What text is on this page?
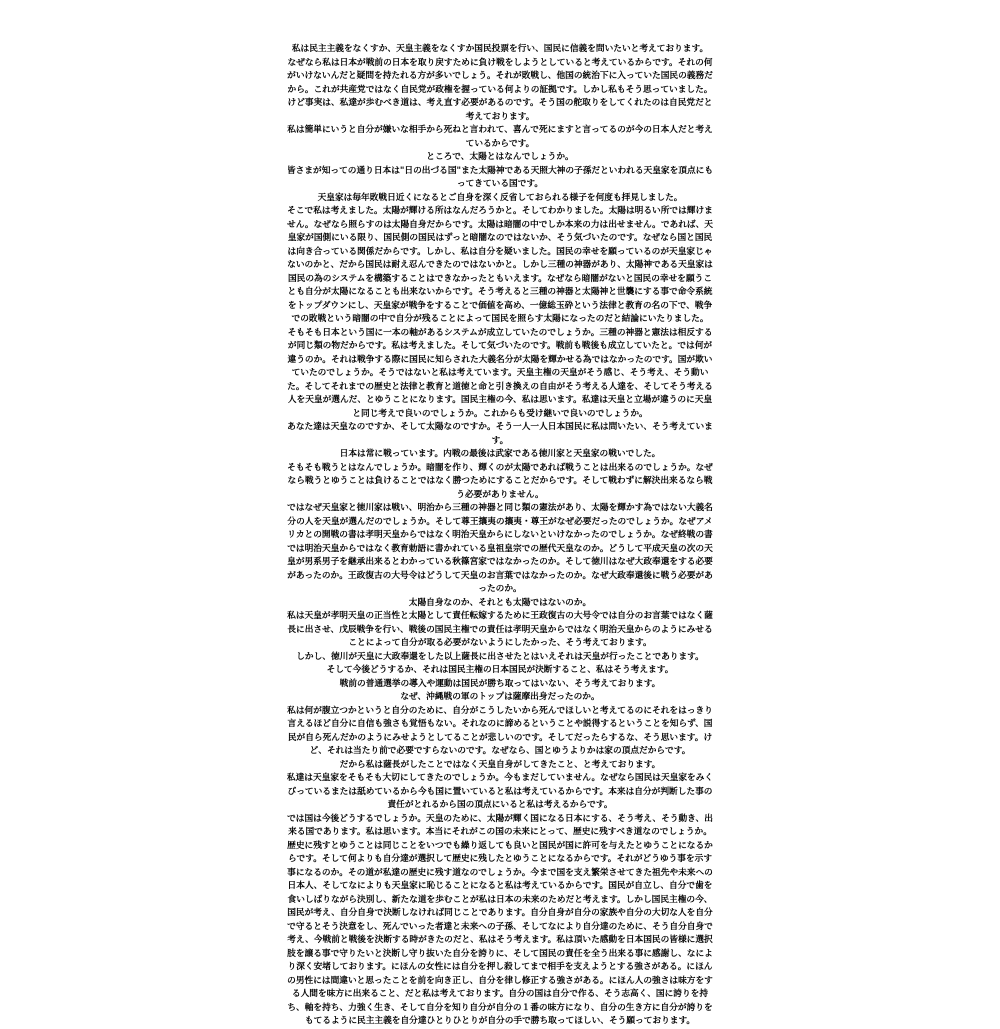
私は民主主義をなくすか、天皇主義をなくすか国民投票を行い、国民に信義を問いたいと考えております。

なぜなら私は日本が戦前の日本を取り戻すために負け戦をしようとしていると考えているからです。それの何がいけないんだと疑問を持たれる方が多いでしょう。それが敗戦し、他国の統治下に入っていた国民の義務だから。これが共産党ではなく自民党が政権を握っている何よりの証拠です。しかし私もそう思っていました。けど事実は、私達が歩むべき道は、考え直す必要があるのです。そう国の舵取りをしてくれたのは自民党だと考えております。

私は簡単にいうと自分が嫌いな相手から死ねと言われて、喜んで死にますと言ってるのが今の日本人だと考えているからです。

ところで、太陽とはなんでしょうか。

皆さまが知っての通り日本は"日の出づる国"また太陽神である天照大神の子孫だといわれる天皇家を頂点にもってきている国です。

天皇家は毎年敗戦日近くになるとご自身を深く反省しておられる様子を何度も拝見しました。

そこで私は考えました。太陽が輝ける所はなんだろうかと。そしてわかりました。太陽は明るい所では輝けません。なぜなら照らすのは太陽自身だからです。太陽は暗闇の中でしか本来の力は出せません。であれば、天皇家が国側にいる限り、国民側の国民はずっと暗闇なのではないか、そう気づいたのです。なぜなら国と国民は向き合っている関係だからです。しかし、私は自分を疑いました。国民の幸せを願っているのが天皇家じゃないのかと、だから国民は耐え忍んできたのではないかと。しかし三種の神器があり、太陽神である天皇家は国民の為のシステムを構築することはできなかったともいえます。なぜなら暗闇がないと国民の幸せを願うことも自分が太陽になることも出来ないからです。そう考えると三種の神器と太陽神と世襲にする事で命令系統をトップダウンにし、天皇家が戦争をすることで価値を高め、一億総玉砕という法律と教育の名の下で、戦争での敗戦という暗闇の中で自分が残ることによって国民を照らす太陽になったのだと結論にいたりました。

そもそも日本という国に一本の軸があるシステムが成立していたのでしょうか。三種の神器と憲法は相反するが同じ類の物だからです。私は考えました。そして気づいたのです。戦前も戦後も成立していたと。では何が違うのか。それは戦争する際に国民に知らされた大義名分が太陽を輝かせる為ではなかったのです。国が欺いていたのでしょうか。そうではないと私は考えています。天皇主権の天皇がそう感じ、そう考え、そう動いた。そしてそれまでの歴史と法律と教育と道徳と命と引き換えの自由がそう考える人達を、そしてそう考える人を天皇が選んだ、とゆうことになります。国民主権の今、私は思います。私達は天皇と立場が違うのに天皇と同じ考えで良いのでしょうか。これからも受け継いで良いのでしょうか。

あなた達は天皇なのですか、そして太陽なのですか。そう一人一人日本国民に私は問いたい、そう考えています。

日本は常に戦っています。内戦の最後は武家である徳川家と天皇家の戦いでした。

そもそも戦うとはなんでしょうか。暗闇を作り、輝くのが太陽であれば戦うことは出来るのでしょうか。なぜなら戦うとゆうことは負けることではなく勝つためにすることだからです。そして戦わずに解決出来るなら戦う必要がありません。

ではなぜ天皇家と徳川家は戦い、明治から三種の神器と同じ類の憲法があり、太陽を輝かす為ではない大義名分の人を天皇が選んだのでしょうか。そして尊王攘夷の攘夷・尊王がなぜ必要だったのでしょうか。なぜアメリカとの開戦の書は孝明天皇からではなく明治天皇からにしないといけなかったのでしょうか。なぜ終戦の書では明治天皇からではなく教育勅語に書かれている皇祖皇宗での歴代天皇なのか。どうして平成天皇の次の天皇が男系男子を継承出来るとわかっている秋篠宮家ではなかったのか。そして徳川はなぜ大政奉還をする必要があったのか。王政復古の大号令はどうして天皇のお言葉ではなかったのか。なぜ大政奉還後に戦う必要があったのか。

太陽自身なのか、それとも太陽ではないのか。

私は天皇が孝明天皇の正当性と太陽として責任転嫁するために王政復古の大号令では自分のお言葉ではなく薩長に出させ、戊辰戦争を行い、戦後の国民主権での責任は孝明天皇からではなく明治天皇からのようにみせることによって自分が取る必要がないようにしたかった、そう考えております。

しかし、徳川が天皇に大政奉還をした以上薩長に出させたとはいえそれは天皇が行ったことであります。

そして今後どうするか、それは国民主権の日本国民が決断すること、私はそう考えます。

戦前の普通選挙の導入や運動は国民が勝ち取ってはいない、そう考えております。

なぜ、沖縄戦の軍のトップは薩摩出身だったのか。

私は何が腹立つかというと自分のために、自分がこうしたいから死んでほしいと考えてるのにそれをはっきり言えるほど自分に自信も強さも覚悟もない。それなのに諦めるということや説得するということを知らず、国民が自ら死んだかのようにみせようとしてることが悲しいのです。そしてだったらするな、そう思います。けど、それは当たり前で必要ですらないのです。なぜなら、国とゆうよりかは家の頂点だからです。

だから私は薩長がしたことではなく天皇自身がしてきたこと、と考えております。

私達は天皇家をそもそも大切にしてきたのでしょうか。今もまだしていません。なぜなら国民は天皇家をみくびっているまたは舐めているから今も国に置いていると私は考えているからです。本来は自分が判断した事の責任がとれるから国の頂点にいると私は考えるからです。

では国は今後どうするでしょうか。天皇のために、太陽が輝く国になる日本にする、そう考え、そう動き、出来る国であります。私は思います。本当にそれがこの国の未来にとって、歴史に残すべき道なのでしょうか。歴史に残すとゆうことは同じことをいつでも繰り返しても良いと国民が国に許可を与えたとゆうことになるからです。そして何よりも自分達が選択して歴史に残したとゆうことになるからです。それがどうゆう事を示す事になるのか。その道が私達の歴史に残す道なのでしょうか。今まで国を支え繁栄させてきた祖先や未来への日本人、そしてなによりも天皇家に恥じることになると私は考えているからです。国民が自立し、自分で歯を食いしばりながら決別し、新たな道を歩むことが私は日本の未来のためだと考えます。しかし国民主権の今、国民が考え、自分自身で決断しなければ同じことであります。自分自身が自分の家族や自分の大切な人を自分で守るとそう決意をし、死んでいった者達と未来への子孫、そしてなにより自分達のために、そう自分自身で考え、今戦前と戦後を決断する時がきたのだと、私はそう考えます。私は頂いた感動を日本国民の皆様に選択肢を譲る事で守りたいと決断し守り抜いた自分を誇りに、そして国民の責任を全う出来る事に感謝し、なにより深く安堵しております。にほんの女性には自分を押し殺してまで相手を支えようとする強さがある。にほんの男性には間違いと思ったことを前を向き正し、自分を律し修正する強さがある。にほん人の強さは味方をする人間を味方に出来ること、だと私は考えております。自分の国は自分で作る、そう志高く、国に誇りを持ち、軸を持ち、力強く生き、そして自分を知り自分が自分の１番の味方になり、自分の生き方に自分が誇りをもてるように民主主義を自分達ひとりひとりが自分の手で勝ち取ってほしい、そう願っております。
